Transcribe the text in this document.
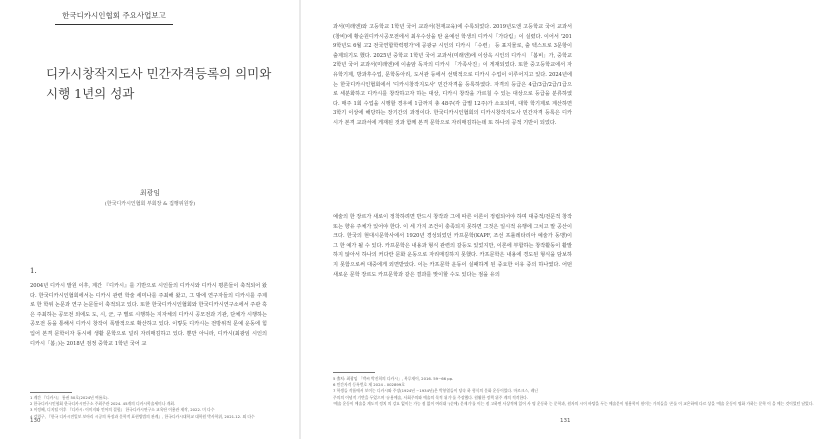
한국디카시인협회 주요사업보고
디카시창작지도사 민간자격등록의 의미와 시행 1년의 성과
최광임
(한국디카시인협회 부회장 & 집행위원장)
1.

2004년 디카시 발원 이후, 계간 『디카시』를 기반으로 시인들의 디카시와 디카시 평론들이 축적되어 왔다. 한국디카시인협회에서는 디카시 관련 학술 세미나를 주최해 왔고, 그 밖에 연구자들의 디카시를 주제로 한 학위 논문과 연구 논문들이 축적되고 있다. 또한 한국디카시인협회와 한국디카시연구소에서 주관 혹은 주최하는 공모전 외에도 도, 시, 군, 구 별로 시행하는 지자체의 디카시 공모전과 기관, 단체가 시행하는 공모전 등을 통해서 디카시 창작이 폭발적으로 확산하고 있다. 이렇듯 디카시는 전방위적 문예 운동에 힘입어 본격 문학이자 동시에 생활 문학으로 널리 자리매김하고 있다. 뿐만 아니라, 디카시(최광임 시인의 디카시「봄」)는 2018년 검정 중학교 1학년 국어 교

1 계간 『디카시』 통권 50호(2024년 여름호).
2 한국디카시인협회 한국디카시연구소 주최주관 2024. 45개의 디카시학술세미나 개최.
3 이정혜, 디지털 이후 『디카시: 이미지와 언어의 결합』 한국디카시연구소 교육단 이용관 제작, 2022. 미 다수
4 강경구, 『한국 디카시전일보 보아리 시공의 특징과 문학적 표현방법의 관계』, 한국디카시대학교 대학원 박사학위, 2021.12. 외 다수
130

과서(미래엔)와 고등학교 1학년 국어 교과서(천재교육)에 수록되었다. 2019년도엔 고등학교 국어 교과서(창비)에 황순원디카시공모전에서 최우수상을 탄 윤예선 학생의 디카시「가다림」이 실렸다. 이어서 '2019학년도 6월 고2 전국연합학력평가'에 공광규 시인의 디카시 「수련」 등 표지물로, 출 텍스트로 3문항이 출제되기도 했다. 2025년 중학교 1학년 국어 교과서(미래엔)에 이상옥 시인의 디카시 「봄비」가, 중학교 2학년 국어 교과서(미래엔)에 이솔암 독자의 디카시 「가족사진」이 게재되었다. 또한 중고등학교에서 자유학기제, 방과후수업, 문학동아리, 도서관 등에서 선택적으로 디카시 수업이 이루어지고 있다. 2024년에는 한국디카시인협회에서 '디카시창작지도사' 민간자격을 등록하였다. 자격의 등급은 4급/3급/2급/1급으로 세분화하고 디카시를 창작하고자 하는 대상, 디카시 창작을 가르칠 수 있는 대상으로 등급을 분류하였다. 매주 1회 수업을 시행할 경우에 1급까지 총 48주(각 급별 12주)가 소요되며, 대학 학기제로 계산하면 3학기 이상에 해당하는 장기간의 과정이다. 한국디카시인협회의 디카시창작지도사 민간자격 등록은 디카시가 본격 교과서에 게재된 것과 함께 본격 문학으로 자리매김하는데 또 하나의 공적 기반이 되었다.

예술의 한 장르가 새로이 정착하려면 반드시 창작과 그에 따른 이론이 정립되어야 하며 대중적/전문적 창작 또는 향유 주체가 있어야 한다. 이 세 가지 조건이 충족되지 못하면 그것은 일시적 유행에 그치고 말 공산이 크다. 한국의 현대시문학사에서 1920년 경성되었던 카프문학(KAPF, 조선 프롤레타리아 예술가 동맹)이 그 한 예가 될 수 있다. 카프문학은 내용과 형식 관련의 갈등도 있었지만, 이론에 부합하는 창작활동이 활발하지 않아서 하나의 커다란 문화 운동으로 자리매김하지 못했다. 카프문학은 내용에 경도된 형식을 담보하지 못함으로써 대중에게 외면받았다. 이는 카프문학 운동이 실패하게 된 중요한 이유 중의 하나였다. 어떤 새로운 문학 장르도 카프문학과 같은 결과를 맞이할 수도 있다는 점을 유의

5 출처: 최광임 「박씨 박진희의 디카시」, 복루재이, 2016. 59~66 pp.
6 민간자격 등록번호 제 2024 - 002899호
7 학생들 작품에서 보이는 디카시와 주장(1924년 ~1934년)은 박붕열들이 당속 하 형식의 문화 운동이었다. 마르크스, 레닌
주의의 이념적 기반을 두었으며 '유용예술, 사회주의와 예술의 목적 위기'를 주장했다. 원활한 정책 위주 계의 적격한다.
'예술 운동이 예술을 계도적 정치 의 강요 없이는 가능 점 없이 여러대 '(순에) 문제기'를 이는 점 고하면 사상적에 있어 사 명 운동하 는 문학과, 원자의 시이 바탕을 두는 예술문이 원용학이 원이는 가치들을 '존를 이 교은하에 다르 상을 '예술 운동이 명화 가하는 문학 이 을 예는 것이었던 남었다.
131
